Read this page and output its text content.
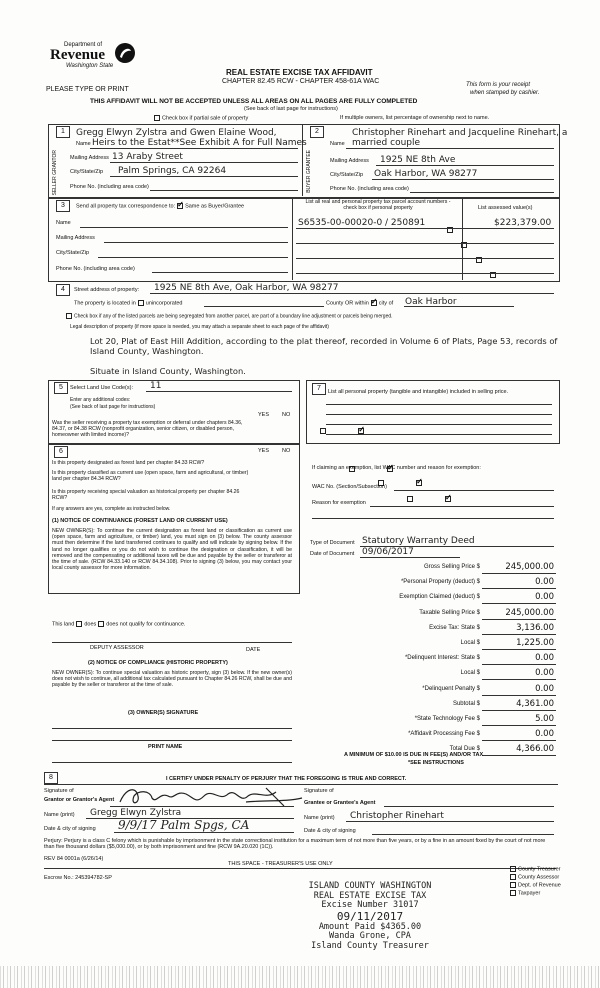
Department of
Revenue
Washington State
PLEASE TYPE OR PRINT
REAL ESTATE EXCISE TAX AFFIDAVIT
CHAPTER 82.45 RCW - CHAPTER 458-61A WAC	This form is your receipt
when stamped by cashier.
THIS AFFIDAVIT WILL NOT BE ACCEPTED UNLESS ALL AREAS ON ALL PAGES ARE FULLY COMPLETED
(See back of last page for instructions)
Check box if partial sale of property	If multiple owners, list percentage of ownership next to name.
1	2
SELLER GRANTOR	BUYER GRANTEE
Gregg Elwyn Zylstra and Gwen Elaine Wood,
Name Heirs to the Estat**See Exhibit A for Full Names
Mailing Address 13 Araby Street
City/State/Zip Palm Springs, CA 92264
Phone No. (including area code)
Christopher Rinehart and Jacqueline Rinehart, a
Name married couple
Mailing Address 1925 NE 8th Ave
City/State/Zip Oak Harbor, WA 98277
Phone No. (including area code)
3	Send all property tax correspondence to: ✓ Same as Buyer/Grantee
List all real and personal property tax parcel account numbers - check box if personal property	List assessed value(s)
Name	S6535-00-00020-0 / 250891
	$223,379.00
Mailing Address

City/State/Zip

Phone No. (including area code)

4	Street address of property: 1925 NE 8th Ave, Oak Harbor, WA 98277
The property is located in unincorporated	County OR within ✓ city of Oak Harbor
Check box if any of the listed parcels are being segregated from another parcel, are part of a boundary line adjustment or parcels being merged.
Legal description of property (if more space is needed, you may attach a separate sheet to each page of the affidavit)
Lot 20, Plat of East Hill Addition, according to the plat thereof, recorded in Volume 6 of Plats, Page 53, records of
Island County, Washington.
Situate in Island County, Washington.
5	Select Land Use Code(s): 11
Enter any additional codes:
(See back of last page for instructions)
YES NO
Was the seller receiving a property tax exemption or deferral under chapters 84.36, 84.37, or 84.38 RCW (nonprofit organization, senior citizen, or disabled person, homeowner with limited income)?
✓
6	YES NO
Is this property designated as forest land per chapter 84.33 RCW?
✓
Is this property classified as current use (open space, farm and agricultural, or timber) land per chapter 84.34 RCW?
✓
Is this property receiving special valuation as historical property per chapter 84.26 RCW?
✓
If any answers are yes, complete as instructed below.
(1) NOTICE OF CONTINUANCE (FOREST LAND OR CURRENT USE)
NEW OWNER(S): To continue the current designation as forest land or classification as current use (open space, farm and agriculture, or timber) land, you must sign on (3) below. The county assessor must then determine if the land transferred continues to qualify and will indicate by signing below. If the land no longer qualifies or you do not wish to continue the designation or classification, it will be removed and the compensating or additional taxes will be due and payable by the seller or transferor at the time of sale. (RCW 84.33.140 or RCW 84.34.108). Prior to signing (3) below, you may contact your local county assessor for more information.
This land does does not qualify for continuance.
DEPUTY ASSESSOR	DATE
(2) NOTICE OF COMPLIANCE (HISTORIC PROPERTY)
NEW OWNER(S): To continue special valuation as historic property, sign (3) below. If the new owner(s) does not wish to continue, all additional tax calculated pursuant to Chapter 84.26 RCW, shall be due and payable by the seller or transferor at the time of sale.
(3) OWNER(S) SIGNATURE
PRINT NAME
7	List all personal property (tangible and intangible) included in selling price.
If claiming an exemption, list WAC number and reason for exemption:
WAC No. (Section/Subsection)
Reason for exemption
Type of Document Statutory Warranty Deed
Date of Document 09/06/2017
Gross Selling Price $	245,000.00
*Personal Property (deduct) $	0.00
Exemption Claimed (deduct) $	0.00
Taxable Selling Price $	245,000.00
Excise Tax: State $	3,136.00
Local $	1,225.00
*Delinquent Interest: State $	0.00
Local $	0.00
*Delinquent Penalty $	0.00
Subtotal $	4,361.00
*State Technology Fee $	5.00
*Affidavit Processing Fee $	0.00
Total Due $	4,366.00
A MINIMUM OF $10.00 IS DUE IN FEE(S) AND/OR TAX
*SEE INSTRUCTIONS
8	I CERTIFY UNDER PENALTY OF PERJURY THAT THE FOREGOING IS TRUE AND CORRECT.
Signature of
Grantor or Grantor's Agent
Signature of
Grantee or Grantee's Agent
Name (print) Gregg Elwyn Zylstra	Name (print) Christopher Rinehart
Date & city of signing 9/9/17 Palm Spgs, CA	Date & city of signing
Perjury: Perjury is a class C felony which is punishable by imprisonment in the state correctional institution for a maximum term of not more than five years, or by a fine in an amount fixed by the court of not more than five thousand dollars ($5,000.00), or by both imprisonment and fine (RCW 9A.20.020 (1C)).
REV 84 0001a (6/26/14)
THIS SPACE - TREASURER'S USE ONLY
Escrow No.: 245394782-SP
County Treasurer
County Assessor
Dept. of Revenue
Taxpayer
ISLAND COUNTY WASHINGTON
REAL ESTATE EXCISE TAX
Excise Number 31017
09/11/2017
Amount Paid $4365.00
Wanda Grone, CPA
Island County Treasurer
